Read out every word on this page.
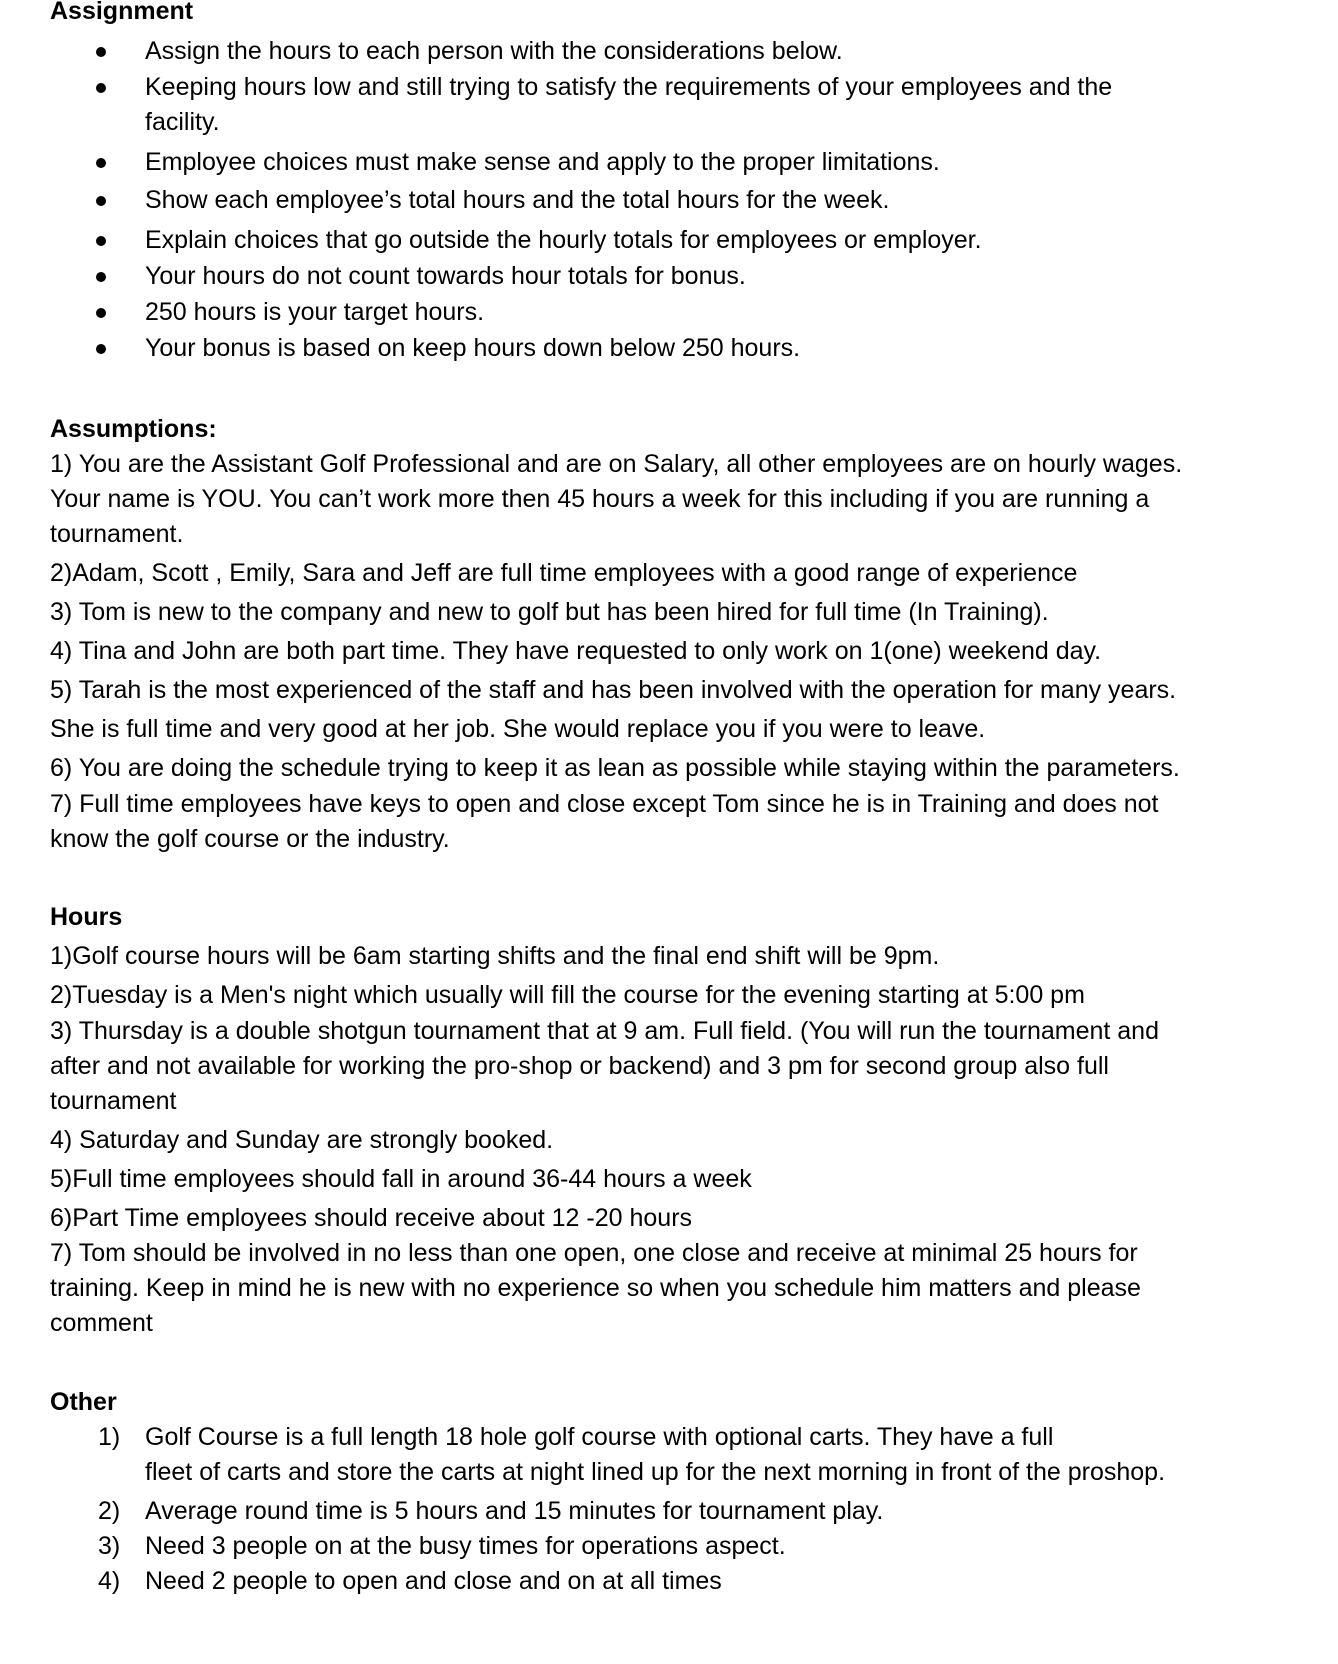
Assignment
Assign the hours to each person with the considerations below.
Keeping hours low and still trying to satisfy the requirements of your employees and the
facility.
Employee choices must make sense and apply to the proper limitations.
Show each employee’s total hours and the total hours for the week.
Explain choices that go outside the hourly totals for employees or employer.
Your hours do not count towards hour totals for bonus.
250 hours is your target hours.
Your bonus is based on keep hours down below 250 hours.
Assumptions:
1) You are the Assistant Golf Professional and are on Salary, all other employees are on hourly wages.
Your name is YOU. You can’t work more then 45 hours a week for this including if you are running a
tournament.
2)Adam, Scott , Emily, Sara and Jeff are full time employees with a good range of experience
3) Tom is new to the company and new to golf but has been hired for full time (In Training).
4) Tina and John are both part time. They have requested to only work on 1(one) weekend day.
5) Tarah is the most experienced of the staff and has been involved with the operation for many years.
She is full time and very good at her job. She would replace you if you were to leave.
6) You are doing the schedule trying to keep it as lean as possible while staying within the parameters.
7) Full time employees have keys to open and close except Tom since he is in Training and does not
know the golf course or the industry.
Hours
1)Golf course hours will be 6am starting shifts and the final end shift will be 9pm.
2)Tuesday is a Men's night which usually will fill the course for the evening starting at 5:00 pm
3) Thursday is a double shotgun tournament that at 9 am. Full field. (You will run the tournament and
after and not available for working the pro-shop or backend) and 3 pm for second group also full
tournament
4) Saturday and Sunday are strongly booked.
5)Full time employees should fall in around 36-44 hours a week
6)Part Time employees should receive about 12 -20 hours
7) Tom should be involved in no less than one open, one close and receive at minimal 25 hours for
training. Keep in mind he is new with no experience so when you schedule him matters and please
comment
Other
1) Golf Course is a full length 18 hole golf course with optional carts. They have a full
fleet of carts and store the carts at night lined up for the next morning in front of the proshop.
2) Average round time is 5 hours and 15 minutes for tournament play.
3) Need 3 people on at the busy times for operations aspect.
4) Need 2 people to open and close and on at all times
